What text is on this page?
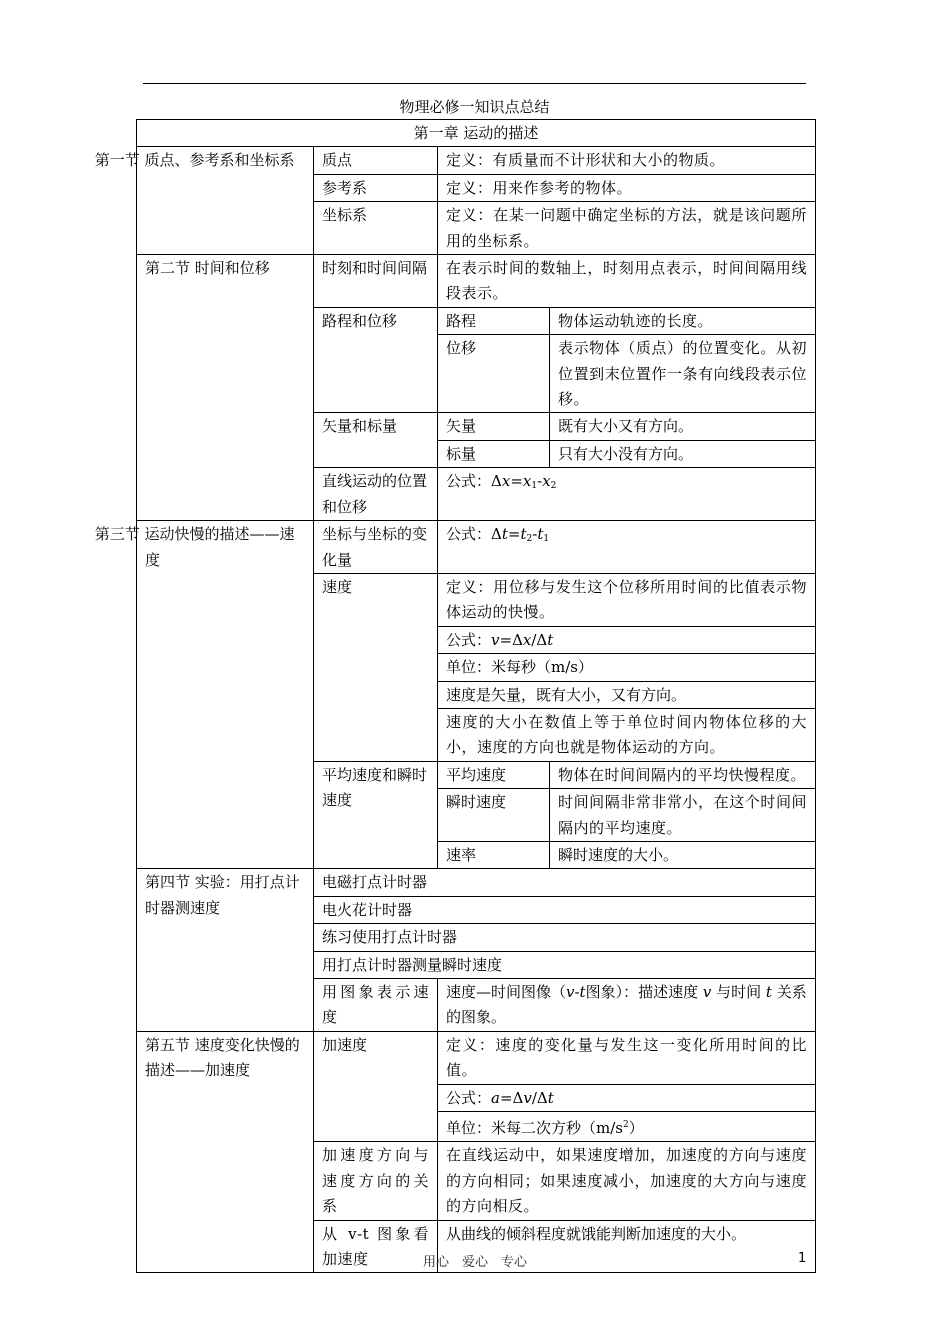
物理必修一知识点总结
第一章 运动的描述			
第一节 质点、参考系和坐标系	质点	定义：有质量而不计形状和大小的物质。	
	参考系	定义：用来作参考的物体。	
	坐标系	定义：在某一问题中确定坐标的方法，就是该问题所用的坐标系。	
第二节 时间和位移	时刻和时间间隔	在表示时间的数轴上，时刻用点表示，时间间隔用线段表示。	
	路程和位移	路程	物体运动轨迹的长度。
		位移	表示物体（质点）的位置变化。从初位置到末位置作一条有向线段表示位移。
	矢量和标量	矢量	既有大小又有方向。
		标量	只有大小没有方向。
	直线运动的位置和位移	公式：$\Delta x=x_1-x_2$
第三节 运动快慢的描述——速度	坐标与坐标的变化量	公式：$\Delta t=t_2-t_1$
	速度	定义：用位移与发生这个位移所用时间的比值表示物体运动的快慢。	
		公式：v=Δx/Δt	
		单位：米每秒（m/s）	
		速度是矢量，既有大小，又有方向。	
		速度的大小在数值上等于单位时间内物体位移的大小，速度的方向也就是物体运动的方向。	
	平均速度和瞬时速度	平均速度	物体在时间间隔内的平均快慢程度。
		瞬时速度	时间间隔非常非常小，在这个时间间隔内的平均速度。
		速率	瞬时速度的大小。
第四节 实验：用打点计时器测速度	电磁打点计时器		
	电火花计时器		
	练习使用打点计时器		
	用打点计时器测量瞬时速度		
	用图象表示速度	速度—时间图像（v-t图象）：描述速度 v 与时间 t 关系的图象。	
第五节 速度变化快慢的描述——加速度	加速度	定义：速度的变化量与发生这一变化所用时间的比值。	
		公式：a=Δv/Δt	
		单位：米每二次方秒$(m/s^2)$	
	加速度方向与速度方向的关系	在直线运动中，如果速度增加，加速度的方向与速度的方向相同；如果速度减小，加速度的大方向与速度的方向相反。	
	从 v-t 图象看加速度	从曲线的倾斜程度就饿能判断加速度的大小。	
用心　爱心　专心	1
